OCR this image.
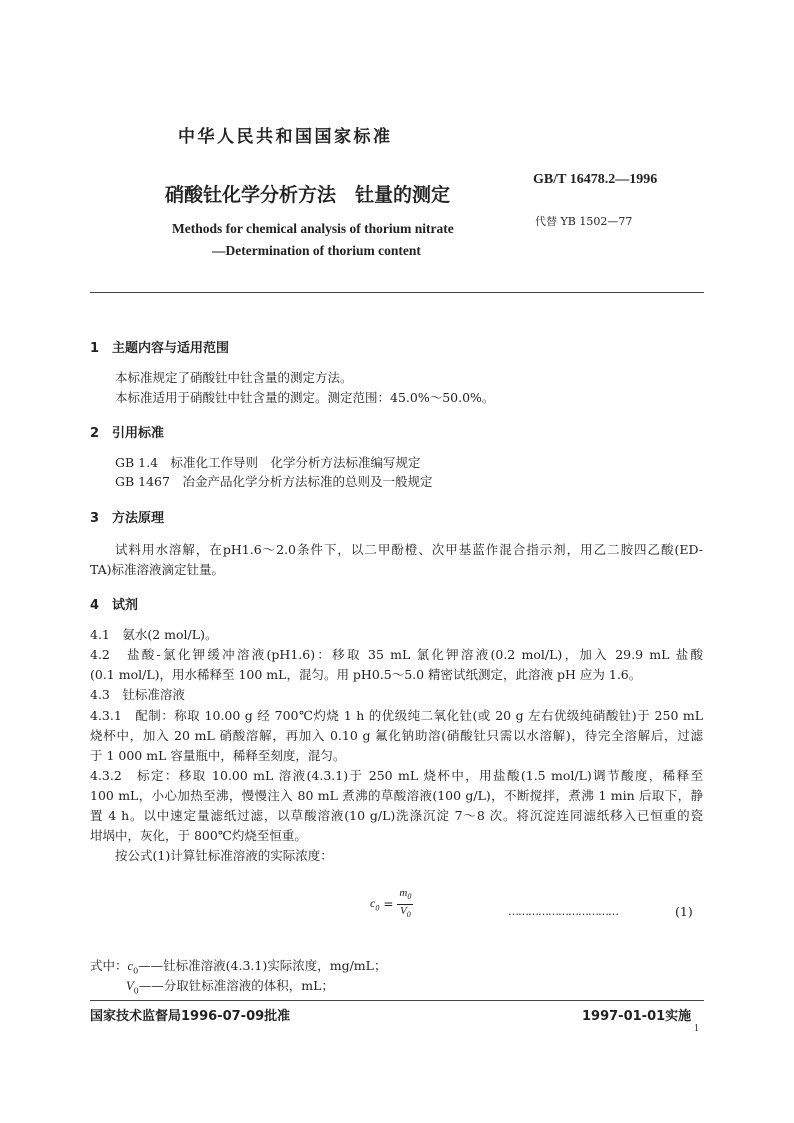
中华人民共和国国家标准
硝酸钍化学分析方法　钍量的测定
GB/T 16478.2—1996
代替 YB 1502—77
Methods for chemical analysis of thorium nitrate
—Determination of thorium content
1　主题内容与适用范围
本标准规定了硝酸钍中钍含量的测定方法。
本标准适用于硝酸钍中钍含量的测定。测定范围：45.0%～50.0%。
2　引用标准
GB 1.4　标准化工作导则　化学分析方法标准编写规定
GB 1467　冶金产品化学分析方法标准的总则及一般规定
3　方法原理
试料用水溶解，在pH1.6～2.0条件下，以二甲酚橙、次甲基蓝作混合指示剂，用乙二胺四乙酸(ED-
TA)标准溶液滴定钍量。
4　试剂
4.1　氨水(2 mol/L)。
4.2　盐酸-氯化钾缓冲溶液(pH1.6)：移取 35 mL 氯化钾溶液(0.2 mol/L)，加入 29.9 mL 盐酸
(0.1 mol/L)，用水稀释至 100 mL，混匀。用 pH0.5～5.0 精密试纸测定，此溶液 pH 应为 1.6。
4.3　钍标准溶液
4.3.1　配制：称取 10.00 g 经 700℃灼烧 1 h 的优级纯二氧化钍(或 20 g 左右优级纯硝酸钍)于 250 mL
烧杯中，加入 20 mL 硝酸溶解，再加入 0.10 g 氟化钠助溶(硝酸钍只需以水溶解)，待完全溶解后，过滤
于 1 000 mL 容量瓶中，稀释至刻度，混匀。
4.3.2　标定：移取 10.00 mL 溶液(4.3.1)于 250 mL 烧杯中，用盐酸(1.5 mol/L)调节酸度，稀释至
100 mL，小心加热至沸，慢慢注入 80 mL 煮沸的草酸溶液(100 g/L)，不断搅拌，煮沸 1 min 后取下，静
置 4 h。以中速定量滤纸过滤，以草酸溶液(10 g/L)洗涤沉淀 7～8 次。将沉淀连同滤纸移入已恒重的瓷
坩埚中，灰化，于 800℃灼烧至恒重。
按公式(1)计算钍标准溶液的实际浓度：
$c_0 = \frac{m_0}{V_0}$	……………………………	(1)
式中：$c_0——$钍标准溶液(4.3.1)实际浓度，mg/mL；
$V_0——$分取钍标准溶液的体积，mL；
国家技术监督局1996-07-09批准	1997-01-01实施
1
